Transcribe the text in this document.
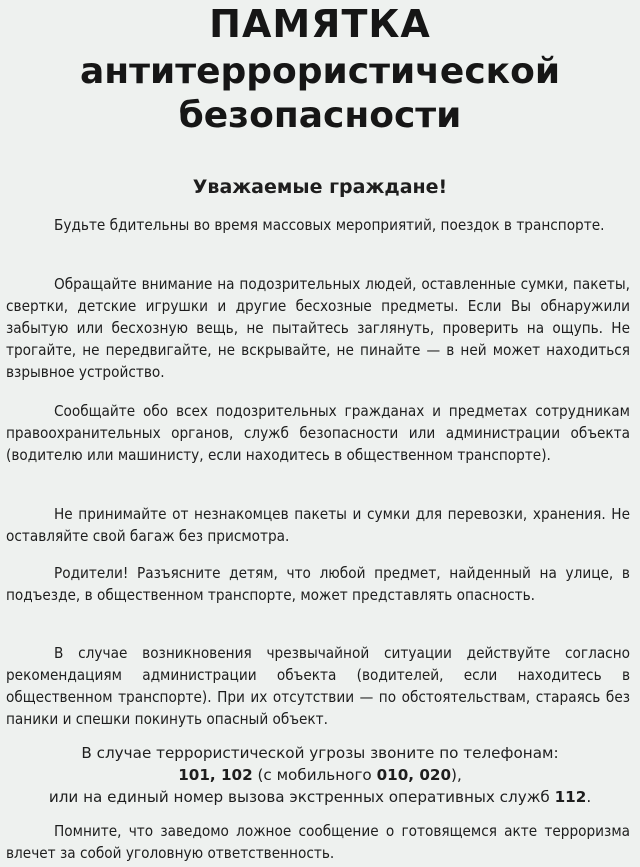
ПАМЯТКА
антитеррористической
безопасности
Уважаемые граждане!
Будьте бдительны во время массовых мероприятий, поездок в транспорте.
Обращайте внимание на подозрительных людей, оставленные сумки, пакеты, свертки, детские игрушки и другие бесхозные предметы. Если Вы обнаружили забытую или бесхозную вещь, не пытайтесь заглянуть, проверить на ощупь. Не трогайте, не передвигайте, не вскрывайте, не пинайте — в ней может находиться взрывное устройство.
Сообщайте обо всех подозрительных гражданах и предметах сотрудникам правоохранительных органов, служб безопасности или администрации объекта (водителю или машинисту, если находитесь в общественном транспорте).
Не принимайте от незнакомцев пакеты и сумки для перевозки, хранения. Не оставляйте свой багаж без присмотра.
Родители! Разъясните детям, что любой предмет, найденный на улице, в подъезде, в общественном транспорте, может представлять опасность.
В случае возникновения чрезвычайной ситуации действуйте согласно рекомендациям администрации объекта (водителей, если находитесь в общественном транспорте). При их отсутствии — по обстоятельствам, стараясь без паники и спешки покинуть опасный объект.
В случае террористической угрозы звоните по телефонам:
101, 102 (с мобильного 010, 020),
или на единый номер вызова экстренных оперативных служб 112.
Помните, что заведомо ложное сообщение о готовящемся акте терроризма влечет за собой уголовную ответственность.
